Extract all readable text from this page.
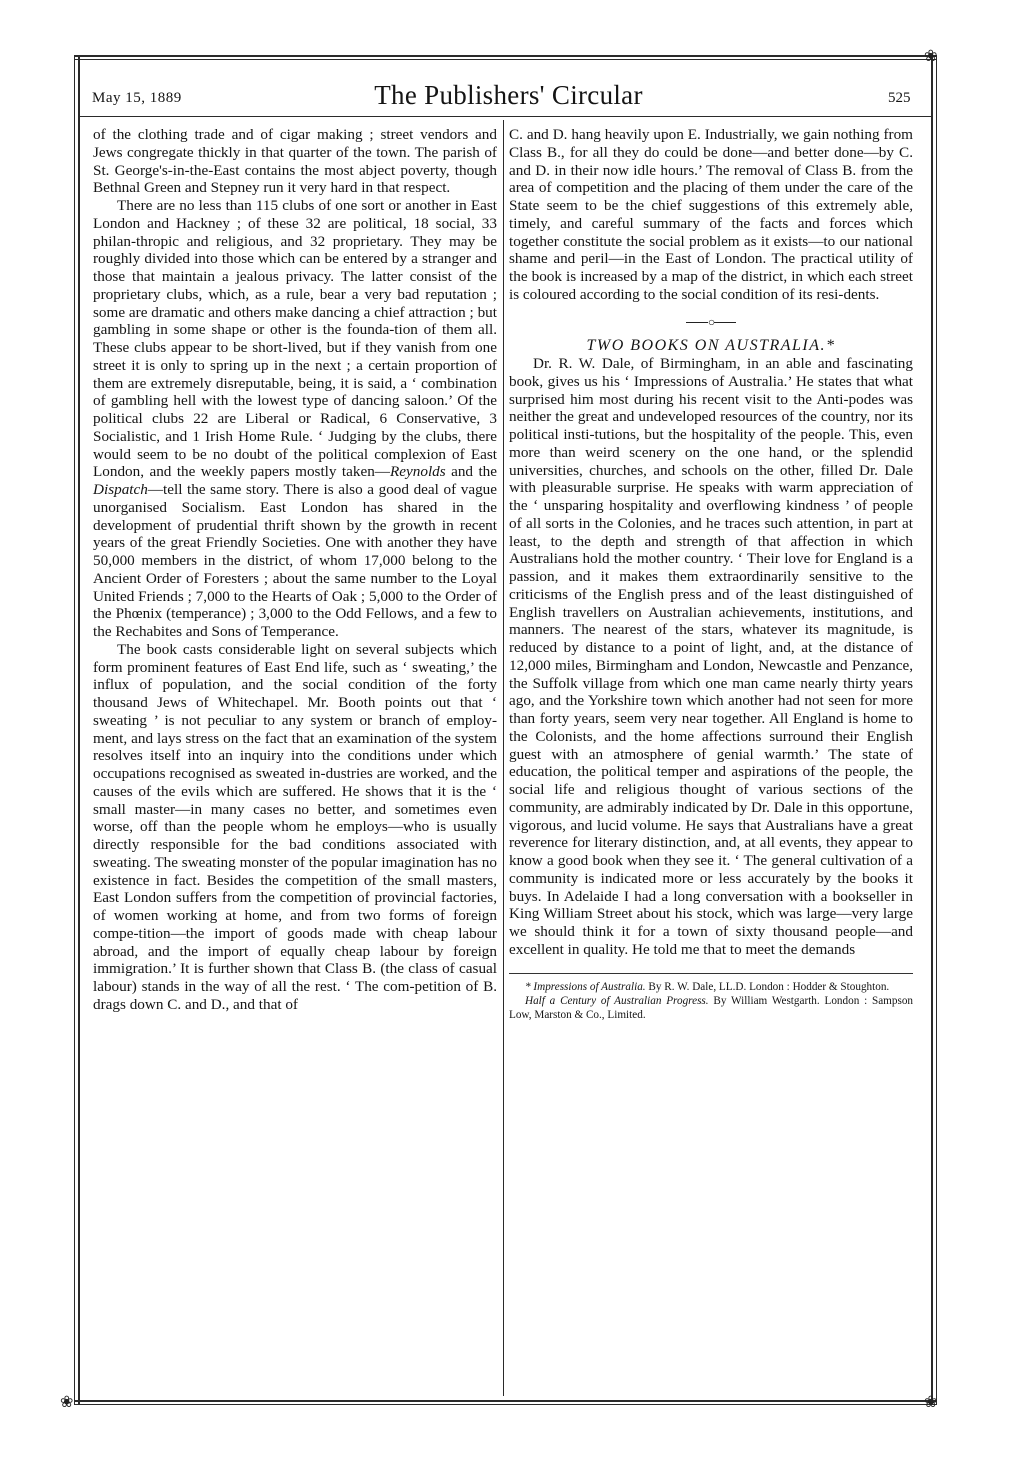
❀
❀
❀
May 15, 1889	The Publishers' Circular	525

of the clothing trade and of cigar making ; street vendors and Jews congregate thickly in that quarter of the town. The parish of St. George's-in-the-East contains the most abject poverty, though Bethnal Green and Stepney run it very hard in that respect.

There are no less than 115 clubs of one sort or another in East London and Hackney ; of these 32 are political, 18 social, 33 philan-thropic and religious, and 32 proprietary. They may be roughly divided into those which can be entered by a stranger and those that maintain a jealous privacy. The latter consist of the proprietary clubs, which, as a rule, bear a very bad reputation ; some are dramatic and others make dancing a chief attraction ; but gambling in some shape or other is the founda-tion of them all. These clubs appear to be short-lived, but if they vanish from one street it is only to spring up in the next ; a certain proportion of them are extremely disreputable, being, it is said, a ‘ combination of gambling hell with the lowest type of dancing saloon.’ Of the political clubs 22 are Liberal or Radical, 6 Conservative, 3 Socialistic, and 1 Irish Home Rule. ‘ Judging by the clubs, there would seem to be no doubt of the political complexion of East London, and the weekly papers mostly taken—Reynolds and the Dispatch—tell the same story. There is also a good deal of vague unorganised Socialism. East London has shared in the development of prudential thrift shown by the growth in recent years of the great Friendly Societies. One with another they have 50,000 members in the district, of whom 17,000 belong to the Ancient Order of Foresters ; about the same number to the Loyal United Friends ; 7,000 to the Hearts of Oak ; 5,000 to the Order of the Phœnix (temperance) ; 3,000 to the Odd Fellows, and a few to the Rechabites and Sons of Temperance.

The book casts considerable light on several subjects which form prominent features of East End life, such as ‘ sweating,’ the influx of population, and the social condition of the forty thousand Jews of Whitechapel. Mr. Booth points out that ‘ sweating ’ is not peculiar to any system or branch of employ-ment, and lays stress on the fact that an examination of the system resolves itself into an inquiry into the conditions under which occupations recognised as sweated in-dustries are worked, and the causes of the evils which are suffered. He shows that it is the ‘ small master—in many cases no better, and sometimes even worse, off than the people whom he employs—who is usually directly responsible for the bad conditions associated with sweating. The sweating monster of the popular imagination has no existence in fact. Besides the competition of the small masters, East London suffers from the competition of provincial factories, of women working at home, and from two forms of foreign compe-tition—the import of goods made with cheap labour abroad, and the import of equally cheap labour by foreign immigration.’ It is further shown that Class B. (the class of casual labour) stands in the way of all the rest. ‘ The com-petition of B. drags down C. and D., and that of

C. and D. hang heavily upon E. Industrially, we gain nothing from Class B., for all they do could be done—and better done—by C. and D. in their now idle hours.’ The removal of Class B. from the area of competition and the placing of them under the care of the State seem to be the chief suggestions of this extremely able, timely, and careful summary of the facts and forces which together constitute the social problem as it exists—to our national shame and peril—in the East of London. The practical utility of the book is increased by a map of the district, in which each street is coloured according to the social condition of its resi-dents.

○

TWO BOOKS ON AUSTRALIA.*

Dr. R. W. Dale, of Birmingham, in an able and fascinating book, gives us his ‘ Impressions of Australia.’ He states that what surprised him most during his recent visit to the Anti-podes was neither the great and undeveloped resources of the country, nor its political insti-tutions, but the hospitality of the people. This, even more than weird scenery on the one hand, or the splendid universities, churches, and schools on the other, filled Dr. Dale with pleasurable surprise. He speaks with warm appreciation of the ‘ unsparing hospitality and overflowing kindness ’ of people of all sorts in the Colonies, and he traces such attention, in part at least, to the depth and strength of that affection in which Australians hold the mother country. ‘ Their love for England is a passion, and it makes them extraordinarily sensitive to the criticisms of the English press and of the least distinguished of English travellers on Australian achievements, institutions, and manners. The nearest of the stars, whatever its magnitude, is reduced by distance to a point of light, and, at the distance of 12,000 miles, Birmingham and London, Newcastle and Penzance, the Suffolk village from which one man came nearly thirty years ago, and the Yorkshire town which another had not seen for more than forty years, seem very near together. All England is home to the Colonists, and the home affections surround their English guest with an atmosphere of genial warmth.’ The state of education, the political temper and aspirations of the people, the social life and religious thought of various sections of the community, are admirably indicated by Dr. Dale in this opportune, vigorous, and lucid volume. He says that Australians have a great reverence for literary distinction, and, at all events, they appear to know a good book when they see it. ‘ The general cultivation of a community is indicated more or less accurately by the books it buys. In Adelaide I had a long conversation with a bookseller in King William Street about his stock, which was large—very large we should think it for a town of sixty thousand people—and excellent in quality. He told me that to meet the demands

* Impressions of Australia. By R. W. Dale, LL.D. London : Hodder & Stoughton.

Half a Century of Australian Progress. By William Westgarth. London : Sampson Low, Marston & Co., Limited.
